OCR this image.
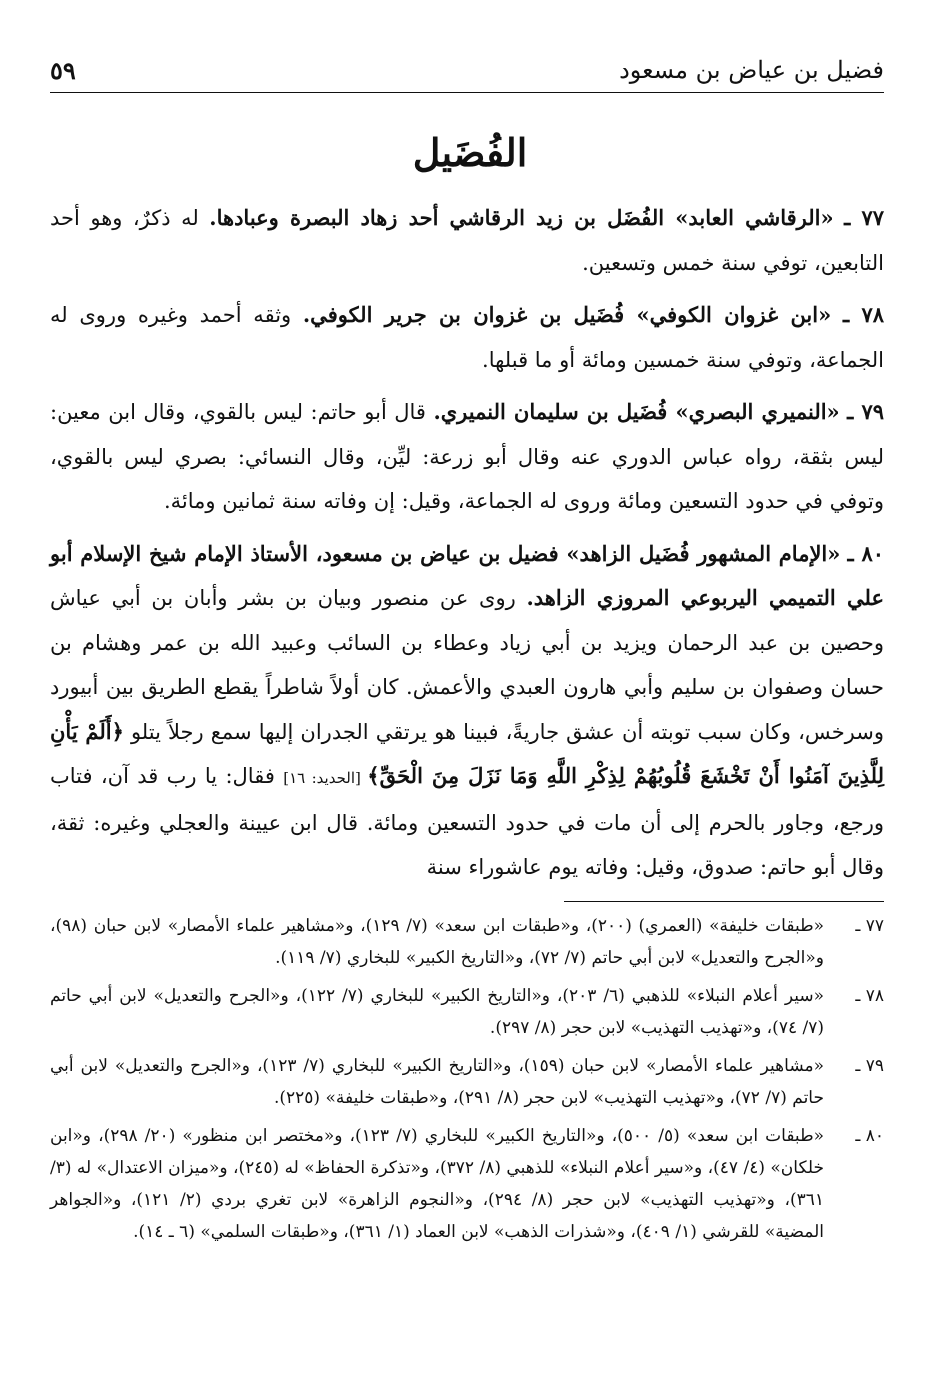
فضيل بن عياض بن مسعود
٥٩
الفُضَيل

٧٧ ـ «الرقاشي العابد» الفُضَل بن زيد الرقاشي أحد زهاد البصرة وعبادها. له ذكرٌ، وهو أحد التابعين، توفي سنة خمس وتسعين.

٧٨ ـ «ابن غزوان الكوفي» فُضَيل بن غزوان بن جرير الكوفي. وثقه أحمد وغيره وروى له الجماعة، وتوفي سنة خمسين ومائة أو ما قبلها.

٧٩ ـ «النميري البصري» فُضَيل بن سليمان النميري. قال أبو حاتم: ليس بالقوي، وقال ابن معين: ليس بثقة، رواه عباس الدوري عنه وقال أبو زرعة: ليِّن، وقال النسائي: بصري ليس بالقوي، وتوفي في حدود التسعين ومائة وروى له الجماعة، وقيل: إن وفاته سنة ثمانين ومائة.

٨٠ ـ «الإمام المشهور فُضَيل الزاهد» فضيل بن عياض بن مسعود، الأستاذ الإمام شيخ الإسلام أبو علي التميمي اليربوعي المروزي الزاهد. روى عن منصور وبيان بن بشر وأبان بن أبي عياش وحصين بن عبد الرحمان ويزيد بن أبي زياد وعطاء بن السائب وعبيد الله بن عمر وهشام بن حسان وصفوان بن سليم وأبي هارون العبدي والأعمش. كان أولاً شاطراً يقطع الطريق بين أبيورد وسرخس، وكان سبب توبته أن عشق جاريةً، فبينا هو يرتقي الجدران إليها سمع رجلاً يتلو ﴿أَلَمْ يَأْنِ لِلَّذِينَ آمَنُوا أَنْ تَخْشَعَ قُلُوبُهُمْ لِذِكْرِ اللَّهِ وَمَا نَزَلَ مِنَ الْحَقِّ﴾ [الحديد: ١٦] فقال: يا رب قد آن، فتاب ورجع، وجاور بالحرم إلى أن مات في حدود التسعين ومائة. قال ابن عيينة والعجلي وغيره: ثقة، وقال أبو حاتم: صدوق، وقيل: وفاته يوم عاشوراء سنة

٧٧ ـ
«طبقات خليفة» (العمري) (٢٠٠)، و«طبقات ابن سعد» (٧/ ١٢٩)، و«مشاهير علماء الأمصار» لابن حبان (٩٨)، و«الجرح والتعديل» لابن أبي حاتم (٧/ ٧٢)، و«التاريخ الكبير» للبخاري (٧/ ١١٩).

٧٨ ـ
«سير أعلام النبلاء» للذهبي (٦/ ٢٠٣)، و«التاريخ الكبير» للبخاري (٧/ ١٢٢)، و«الجرح والتعديل» لابن أبي حاتم (٧/ ٧٤)، و«تهذيب التهذيب» لابن حجر (٨/ ٢٩٧).

٧٩ ـ
«مشاهير علماء الأمصار» لابن حبان (١٥٩)، و«التاريخ الكبير» للبخاري (٧/ ١٢٣)، و«الجرح والتعديل» لابن أبي حاتم (٧/ ٧٢)، و«تهذيب التهذيب» لابن حجر (٨/ ٢٩١)، و«طبقات خليفة» (٢٢٥).

٨٠ ـ
«طبقات ابن سعد» (٥/ ٥٠٠)، و«التاريخ الكبير» للبخاري (٧/ ١٢٣)، و«مختصر ابن منظور» (٢٠/ ٢٩٨)، و«ابن خلكان» (٤/ ٤٧)، و«سير أعلام النبلاء» للذهبي (٨/ ٣٧٢)، و«تذكرة الحفاظ» له (٢٤٥)، و«ميزان الاعتدال» له (٣/ ٣٦١)، و«تهذيب التهذيب» لابن حجر (٨/ ٢٩٤)، و«النجوم الزاهرة» لابن تغري بردي (٢/ ١٢١)، و«الجواهر المضية» للقرشي (١/ ٤٠٩)، و«شذرات الذهب» لابن العماد (١/ ٣٦١)، و«طبقات السلمي» (٦ ـ ١٤).
